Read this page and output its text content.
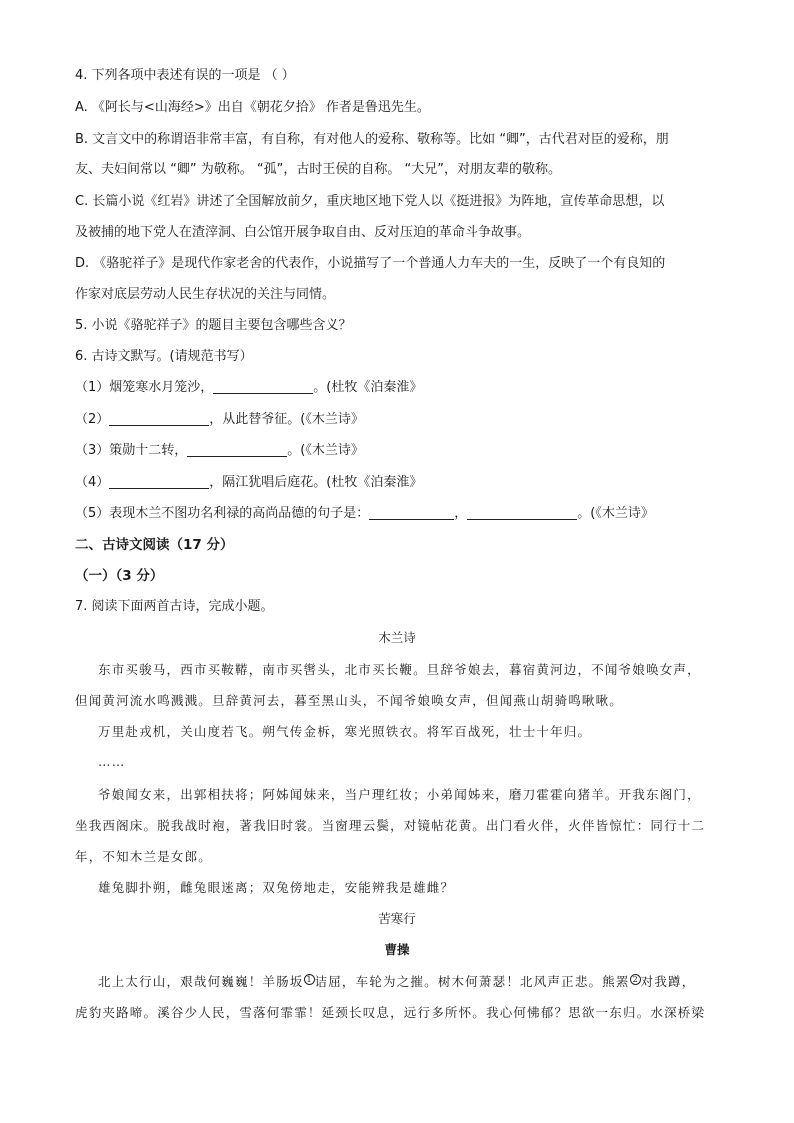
4. 下列各项中表述有误的一项是 （ ）
A. 《阿长与<山海经>》出自《朝花夕拾》 作者是鲁迅先生。
B. 文言文中的称谓语非常丰富，有自称，有对他人的爱称、敬称等。比如 “卿”，古代君对臣的爱称，朋
友、夫妇间常以 “卿” 为敬称。 “孤”，古时王侯的自称。 “大兄”，对朋友辈的敬称。
C. 长篇小说《红岩》讲述了全国解放前夕，重庆地区地下党人以《挺进报》为阵地，宣传革命思想，以
及被捕的地下党人在渣滓洞、白公馆开展争取自由、反对压迫的革命斗争故事。
D. 《骆驼祥子》是现代作家老舍的代表作，小说描写了一个普通人力车夫的一生，反映了一个有良知的
作家对底层劳动人民生存状况的关注与同情。
5. 小说《骆驼祥子》的题目主要包含哪些含义？
6. 古诗文默写。(请规范书写）
（1）烟笼寒水月笼沙，	。(杜牧《泊秦淮》
（2）	，从此替爷征。(《木兰诗》
（3）策勋十二转，	。(《木兰诗》
（4）	，隔江犹唱后庭花。(杜牧《泊秦淮》
（5）表现木兰不图功名利禄的高尚品德的句子是：	，	。(《木兰诗》
二、古诗文阅读（17 分）
（一）（3 分）
7. 阅读下面两首古诗，完成小题。
木兰诗
东市买骏马，西市买鞍鞯，南市买辔头，北市买长鞭。旦辞爷娘去，暮宿黄河边，不闻爷娘唤女声，
但闻黄河流水鸣溅溅。旦辞黄河去，暮至黑山头，不闻爷娘唤女声，但闻燕山胡骑鸣啾啾。
万里赴戎机，关山度若飞。朔气传金柝，寒光照铁衣。将军百战死，壮士十年归。
……
爷娘闻女来，出郭相扶将；阿姊闻妹来，当户理红妆；小弟闻姊来，磨刀霍霍向猪羊。开我东阁门，
坐我西阁床。脱我战时袍，著我旧时裳。当窗理云鬓，对镜帖花黄。出门看火伴，火伴皆惊忙：同行十二
年，不知木兰是女郎。
雄兔脚扑朔，雌兔眼迷离；双兔傍地走，安能辨我是雄雌？
苦寒行
曹操
北上太行山，艰哉何巍巍！羊肠坂 $^1$ 诘屈，车轮为之摧。树木何萧瑟！北风声正悲。熊罴 $^2$ 对我蹲，
虎豹夹路啼。溪谷少人民，雪落何霏霏！延颈长叹息，远行多所怀。我心何怫郁？思欲一东归。水深桥梁
